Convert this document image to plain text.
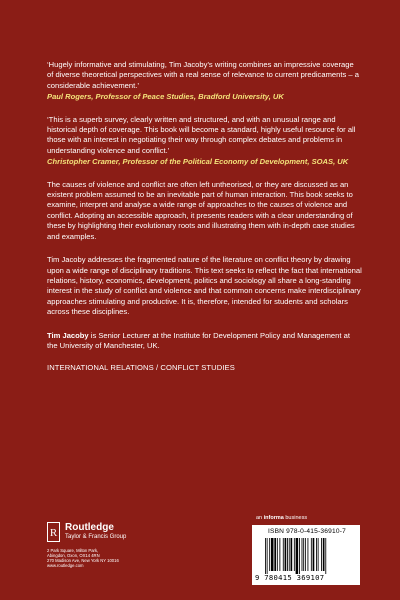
‘Hugely informative and stimulating, Tim Jacoby’s writing combines an impressive coverage of diverse theoretical perspectives with a real sense of relevance to current predicaments – a considerable achievement.’

Paul Rogers, Professor of Peace Studies, Bradford University, UK

‘This is a superb survey, clearly written and structured, and with an unusual range and historical depth of coverage. This book will become a standard, highly useful resource for all those with an interest in negotiating their way through complex debates and problems in understanding violence and conflict.’

Christopher Cramer, Professor of the Political Economy of Development, SOAS, UK

The causes of violence and conflict are often left untheorised, or they are discussed as an existent problem assumed to be an inevitable part of human interaction. This book seeks to examine, interpret and analyse a wide range of approaches to the causes of violence and conflict. Adopting an accessible approach, it presents readers with a clear understanding of these by highlighting their evolutionary roots and illustrating them with in-depth case studies and examples.

Tim Jacoby addresses the fragmented nature of the literature on conflict theory by drawing upon a wide range of disciplinary traditions. This text seeks to reflect the fact that international relations, history, economics, development, politics and sociology all share a long-standing interest in the study of conflict and violence and that common concerns make interdisciplinary approaches stimulating and productive. It is, therefore, intended for students and scholars across these disciplines.

Tim Jacoby is Senior Lecturer at the Institute for Development Policy and Management at the University of Manchester, UK.

INTERNATIONAL RELATIONS / CONFLICT STUDIES

R Routledge
Taylor & Francis Group
2 Park Square, Milton Park,
Abingdon, Oxon, OX14 4RN
270 Madison Ave, New York NY 10016
www.routledge.com
an informa business
ISBN 978-0-415-36910-7
9 780415 369107
